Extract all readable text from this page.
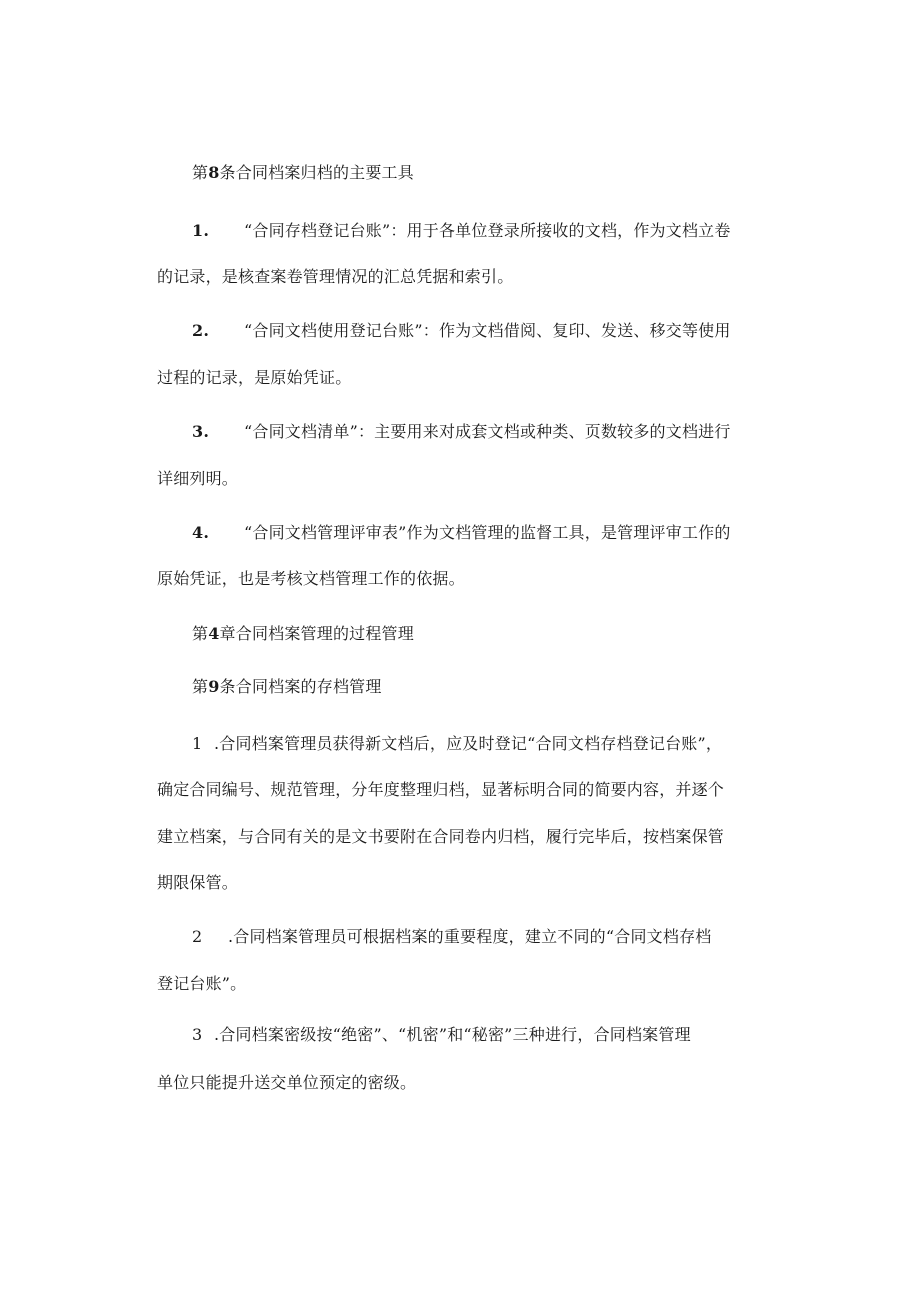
第8条合同档案归档的主要工具
1. “合同存档登记台账”：用于各单位登录所接收的文档，作为文档立卷
的记录，是核查案卷管理情况的汇总凭据和索引。
2. “合同文档使用登记台账”：作为文档借阅、复印、发送、移交等使用
过程的记录，是原始凭证。
3. “合同文档清单”：主要用来对成套文档或种类、页数较多的文档进行
详细列明。
4. “合同文档管理评审表”作为文档管理的监督工具，是管理评审工作的
原始凭证，也是考核文档管理工作的依据。
第4章合同档案管理的过程管理
第9条合同档案的存档管理
1 .合同档案管理员获得新文档后，应及时登记“合同文档存档登记台账”，
确定合同编号、规范管理，分年度整理归档，显著标明合同的简要内容，并逐个
建立档案，与合同有关的是文书要附在合同卷内归档，履行完毕后，按档案保管
期限保管。
2 .合同档案管理员可根据档案的重要程度，建立不同的“合同文档存档
登记台账”。
3 .合同档案密级按“绝密”、“机密”和“秘密”三种进行，合同档案管理
单位只能提升送交单位预定的密级。
